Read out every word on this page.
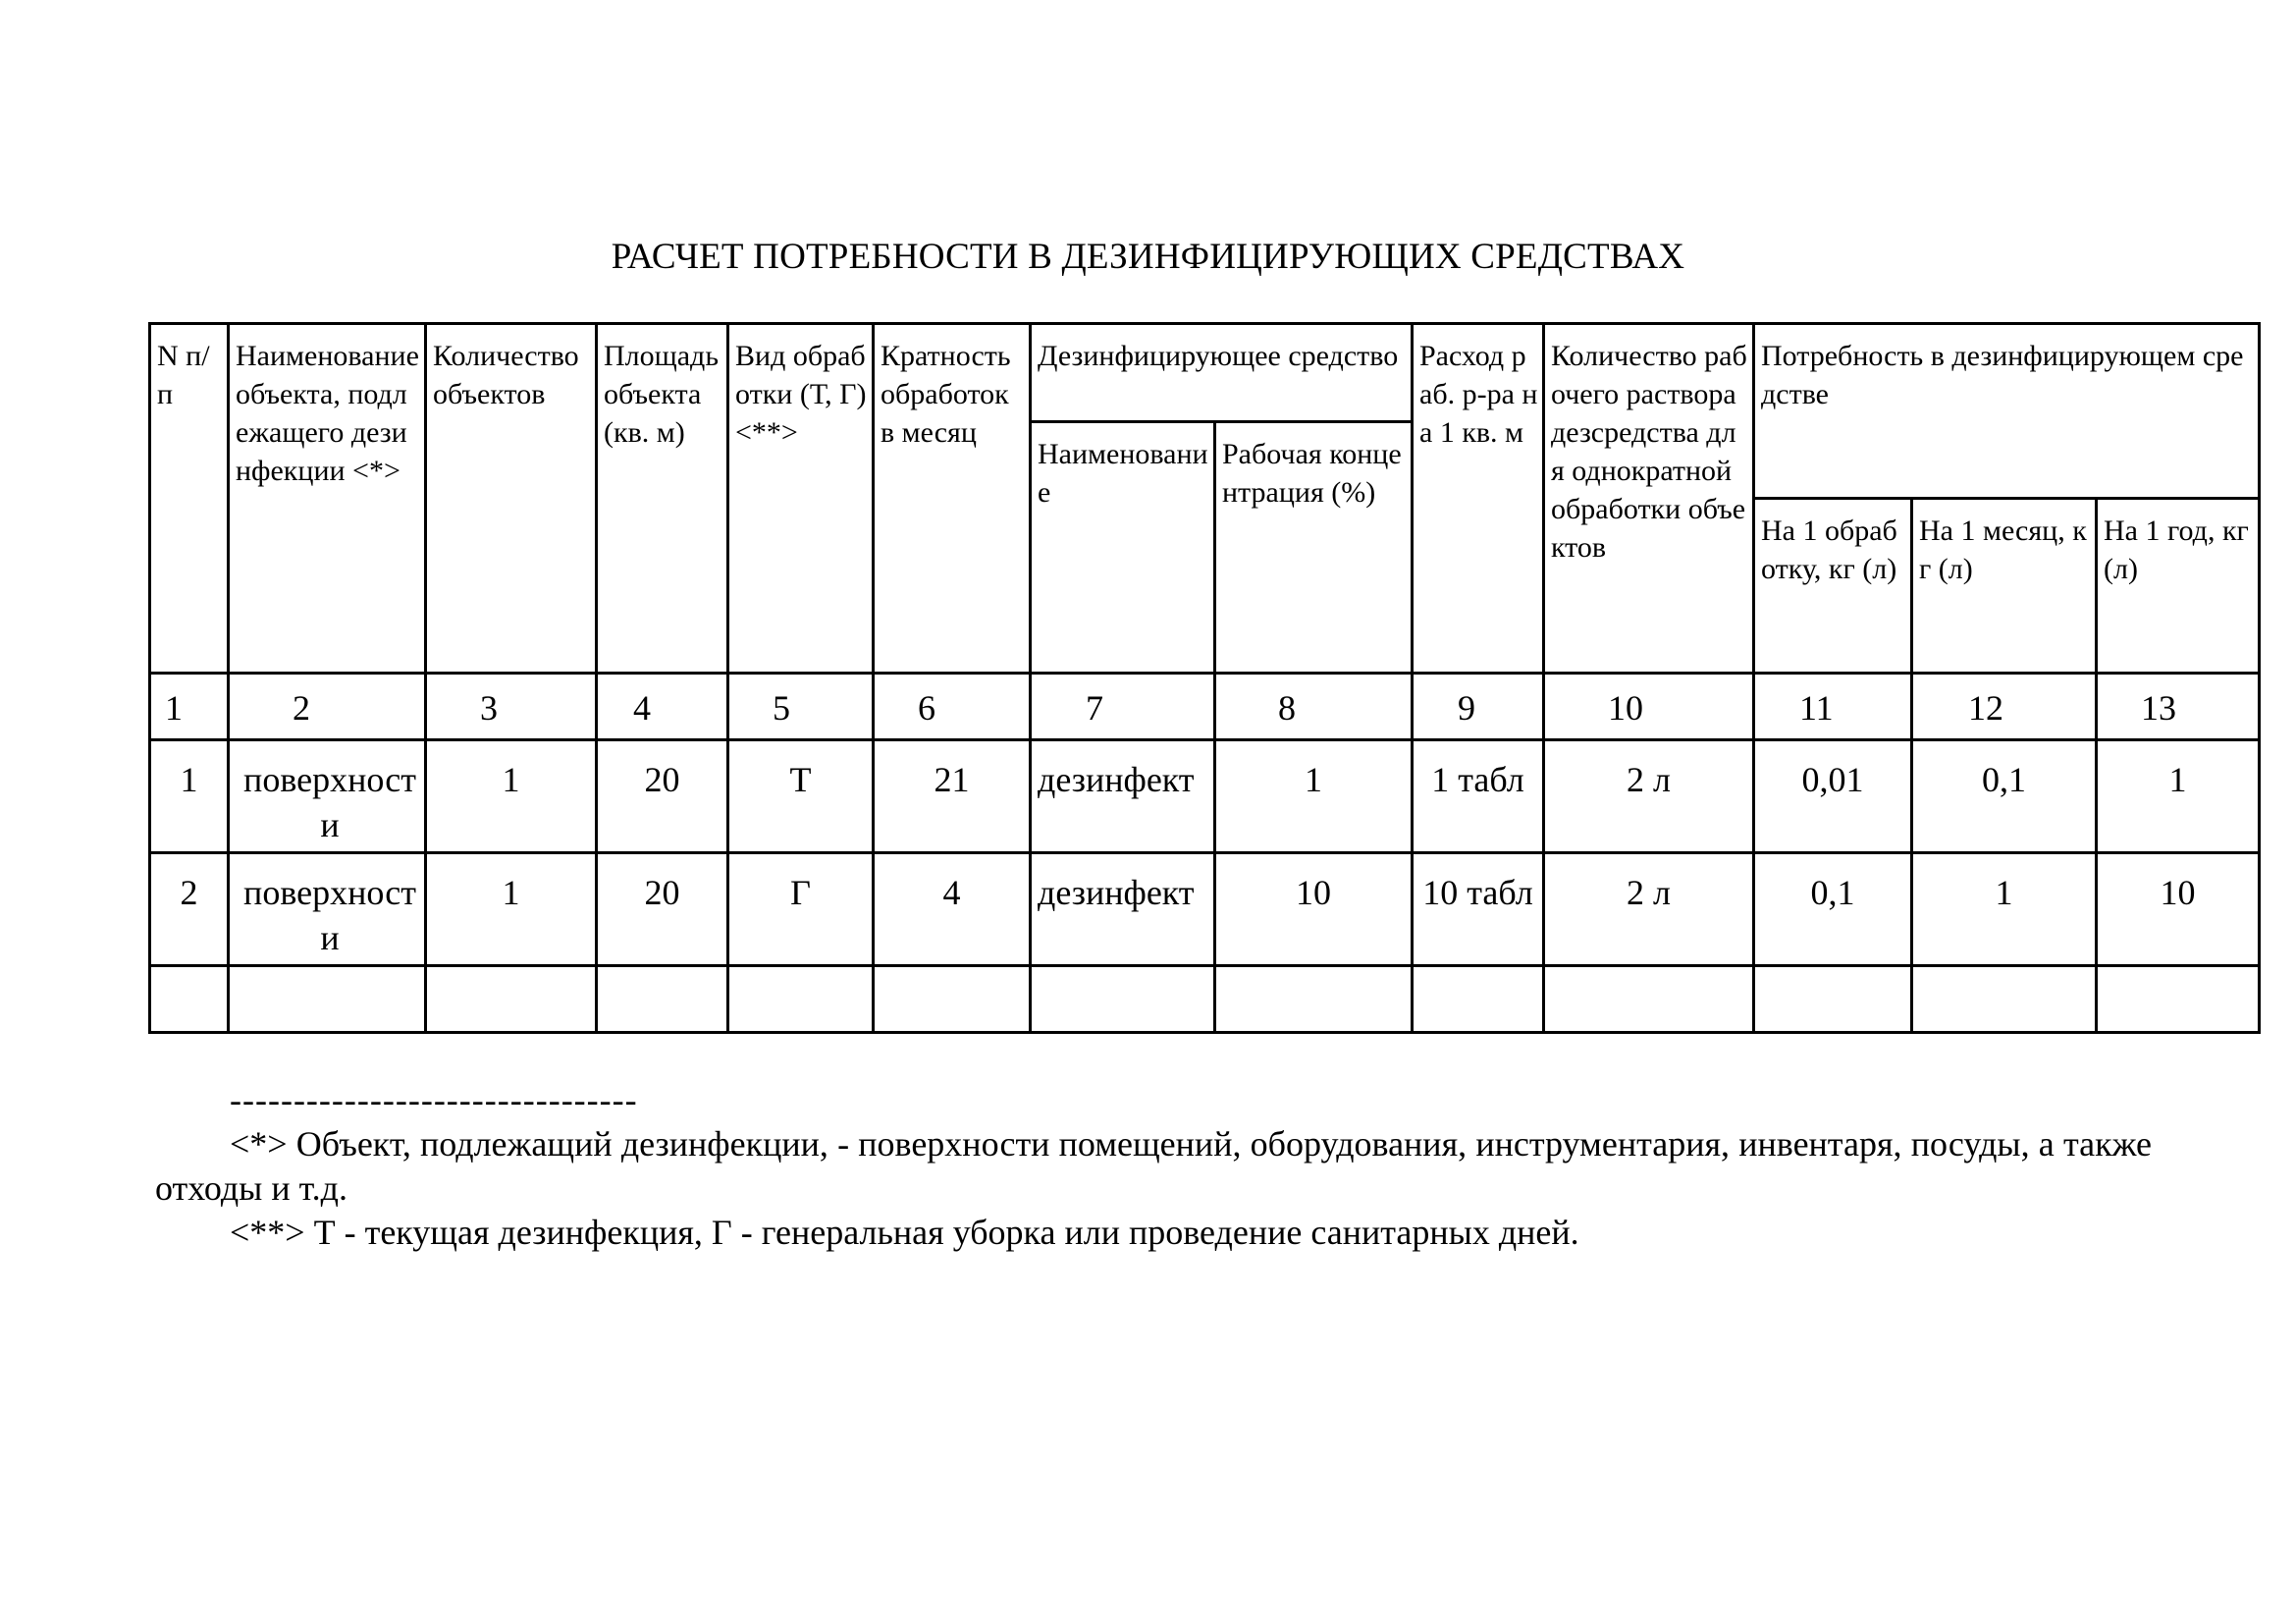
РАСЧЕТ ПОТРЕБНОСТИ В ДЕЗИНФИЦИРУЮЩИХ СРЕДСТВАХ
N п/п	Наименование объекта, подлежащего дезинфекции <*>	Количество объектов	Площадь объекта (кв. м)	Вид обработки (Т, Г) <**>	Кратность обработок в месяц	Дезинфицирующее средство		Расход раб. р-ра на 1 кв. м	Количество рабочего раствора дезсредства для однократной обработки объектов	Потребность в дезинфицирующем средстве		
						Наименование	Рабочая концентрация (%)					
										На 1 обработку, кг (л)	На 1 месяц, кг (л)	На 1 год, кг (л)
1	2	3	4	5	6	7	8	9	10	11	12	13
1	поверхности	1	20	Т	21	дезинфект	1	1 табл	2 л	0,01	0,1	1
2	поверхности	1	20	Г	4	дезинфект	10	10 табл	2 л	0,1	1	10

--------------------------------

<*> Объект, подлежащий дезинфекции, - поверхности помещений, оборудования, инструментария, инвентаря, посуды, а также отходы и т.д.

<**> Т - текущая дезинфекция, Г - генеральная уборка или проведение санитарных дней.
